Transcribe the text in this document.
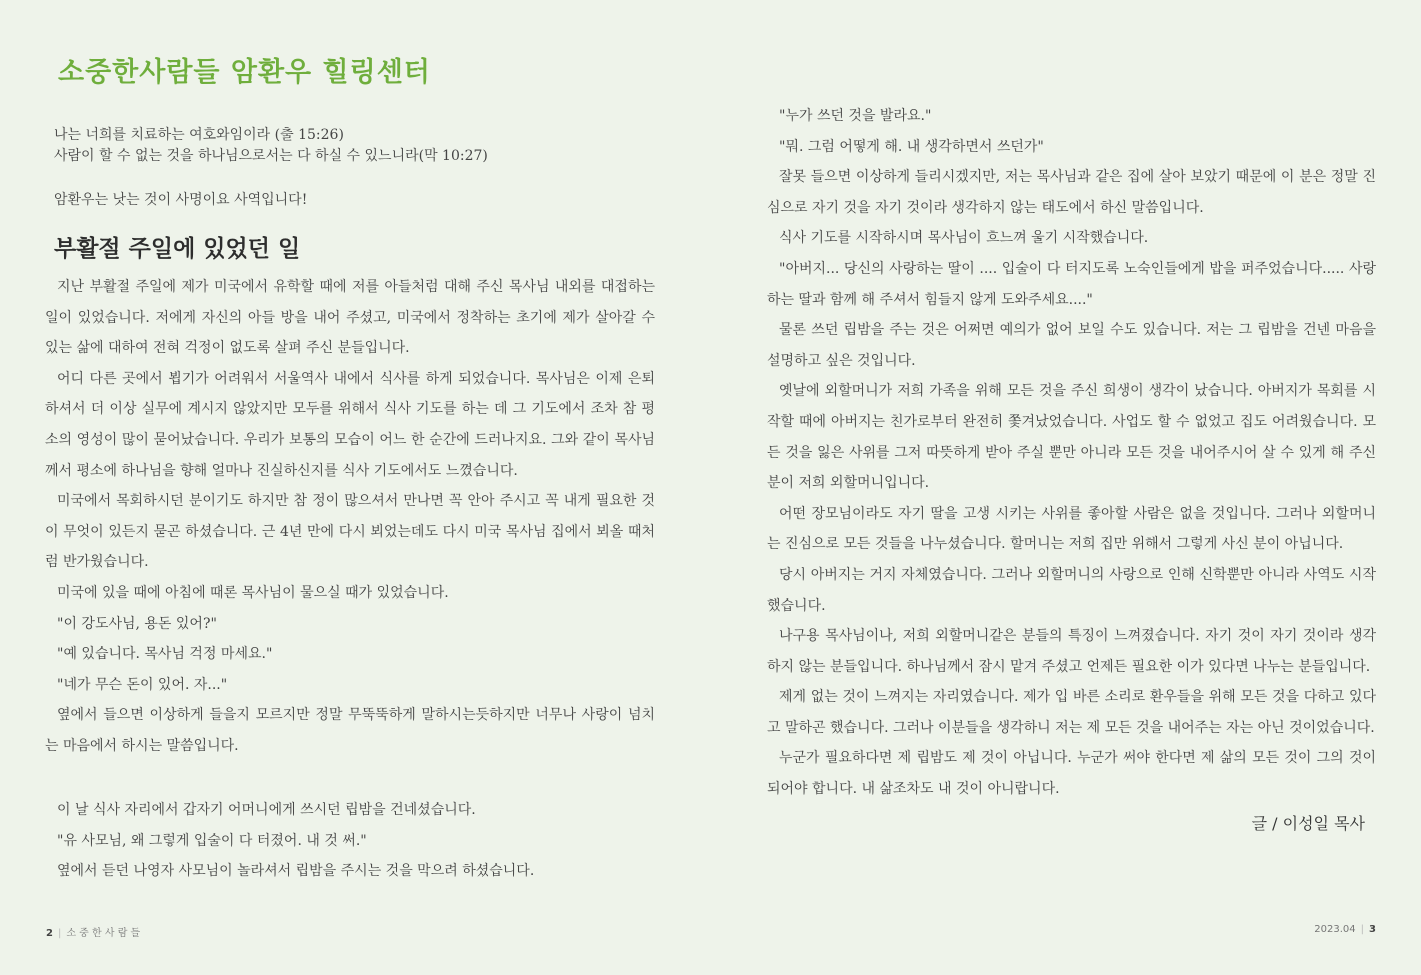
소중한사람들 암환우 힐링센터
나는 너희를 치료하는 여호와임이라 (출 15:26)
사람이 할 수 없는 것을 하나님으로서는 다 하실 수 있느니라(막 10:27)
암환우는 낫는 것이 사명이요 사역입니다!
부활절 주일에 있었던 일

지난 부활절 주일에 제가 미국에서 유학할 때에 저를 아들처럼 대해 주신 목사님 내외를 대접하는 일이 있었습니다. 저에게 자신의 아들 방을 내어 주셨고, 미국에서 정착하는 초기에 제가 살아갈 수 있는 삶에 대하여 전혀 걱정이 없도록 살펴 주신 분들입니다.

어디 다른 곳에서 뵙기가 어려워서 서울역사 내에서 식사를 하게 되었습니다. 목사님은 이제 은퇴하셔서 더 이상 실무에 계시지 않았지만 모두를 위해서 식사 기도를 하는 데 그 기도에서 조차 참 평소의 영성이 많이 묻어났습니다. 우리가 보통의 모습이 어느 한 순간에 드러나지요. 그와 같이 목사님께서 평소에 하나님을 향해 얼마나 진실하신지를 식사 기도에서도 느꼈습니다.

미국에서 목회하시던 분이기도 하지만 참 정이 많으셔서 만나면 꼭 안아 주시고 꼭 내게 필요한 것이 무엇이 있든지 묻곤 하셨습니다. 근 4년 만에 다시 뵈었는데도 다시 미국 목사님 집에서 뵈올 때처럼 반가웠습니다.

미국에 있을 때에 아침에 때론 목사님이 물으실 때가 있었습니다.

"이 강도사님, 용돈 있어?"

"예 있습니다. 목사님 걱정 마세요."

"네가 무슨 돈이 있어. 자..."

옆에서 들으면 이상하게 들을지 모르지만 정말 무뚝뚝하게 말하시는듯하지만 너무나 사랑이 넘치는 마음에서 하시는 말씀입니다.

이 날 식사 자리에서 갑자기 어머니에게 쓰시던 립밤을 건네셨습니다.

"유 사모님, 왜 그렇게 입술이 다 터졌어. 내 것 써."

옆에서 듣던 나영자 사모님이 놀라셔서 립밤을 주시는 것을 막으려 하셨습니다.

2 | 소 중 한 사 람 들

"누가 쓰던 것을 발라요."

"뭐. 그럼 어떻게 해. 내 생각하면서 쓰던가"

잘못 들으면 이상하게 들리시겠지만, 저는 목사님과 같은 집에 살아 보았기 때문에 이 분은 정말 진심으로 자기 것을 자기 것이라 생각하지 않는 태도에서 하신 말씀입니다.

식사 기도를 시작하시며 목사님이 흐느껴 울기 시작했습니다.

"아버지... 당신의 사랑하는 딸이 .... 입술이 다 터지도록 노숙인들에게 밥을 퍼주었습니다..... 사랑하는 딸과 함께 해 주셔서 힘들지 않게 도와주세요...."

물론 쓰던 립밤을 주는 것은 어쩌면 예의가 없어 보일 수도 있습니다. 저는 그 립밤을 건넨 마음을 설명하고 싶은 것입니다.

옛날에 외할머니가 저희 가족을 위해 모든 것을 주신 희생이 생각이 났습니다. 아버지가 목회를 시작할 때에 아버지는 친가로부터 완전히 쫓겨났었습니다. 사업도 할 수 없었고 집도 어려웠습니다. 모든 것을 잃은 사위를 그저 따뜻하게 받아 주실 뿐만 아니라 모든 것을 내어주시어 살 수 있게 해 주신 분이 저희 외할머니입니다.

어떤 장모님이라도 자기 딸을 고생 시키는 사위를 좋아할 사람은 없을 것입니다. 그러나 외할머니는 진심으로 모든 것들을 나누셨습니다. 할머니는 저희 집만 위해서 그렇게 사신 분이 아닙니다.

당시 아버지는 거지 자체였습니다. 그러나 외할머니의 사랑으로 인해 신학뿐만 아니라 사역도 시작했습니다.

나구용 목사님이나, 저희 외할머니같은 분들의 특징이 느껴졌습니다. 자기 것이 자기 것이라 생각하지 않는 분들입니다. 하나님께서 잠시 맡겨 주셨고 언제든 필요한 이가 있다면 나누는 분들입니다.

제게 없는 것이 느껴지는 자리였습니다. 제가 입 바른 소리로 환우들을 위해 모든 것을 다하고 있다고 말하곤 했습니다. 그러나 이분들을 생각하니 저는 제 모든 것을 내어주는 자는 아닌 것이었습니다.

누군가 필요하다면 제 립밤도 제 것이 아닙니다. 누군가 써야 한다면 제 삶의 모든 것이 그의 것이 되어야 합니다. 내 삶조차도 내 것이 아니랍니다.

글 / 이성일 목사
2023.04 | 3
